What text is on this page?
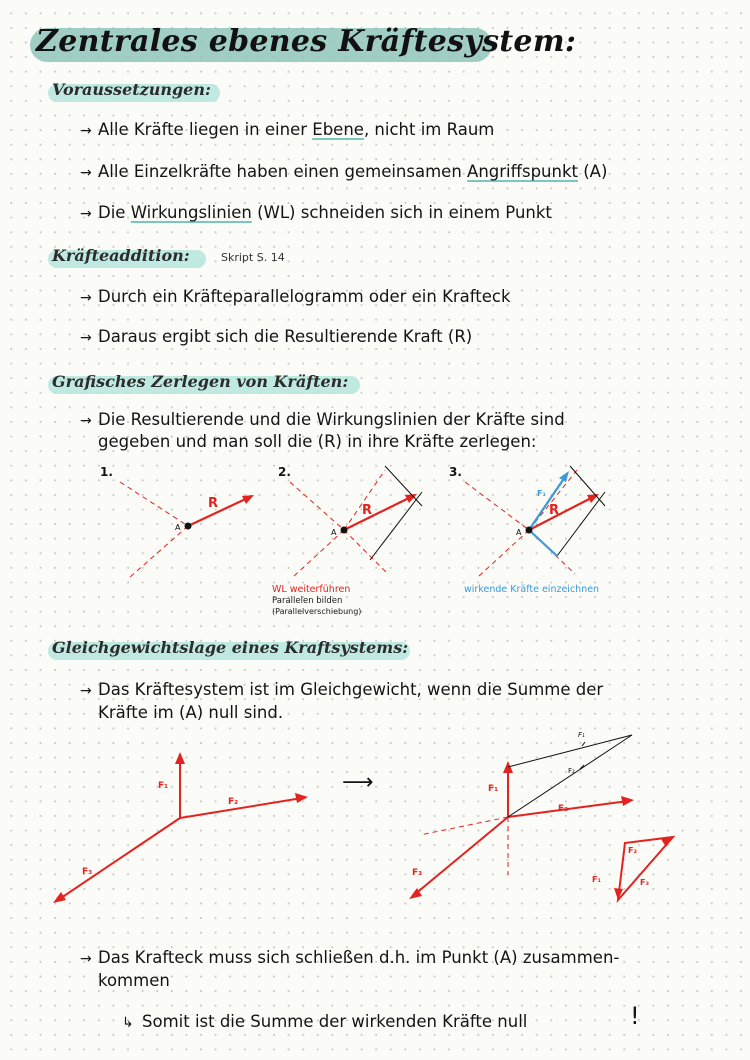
Zentrales ebenes Kräftesystem:
Voraussetzungen:
→ Alle Kräfte liegen in einer Ebene, nicht im Raum
→ Alle Einzelkräfte haben einen gemeinsamen Angriffspunkt (A)
→ Die Wirkungslinien (WL) schneiden sich in einem Punkt
Kräfteaddition:	Skript S. 14
→ Durch ein Kräfteparallelogramm oder ein Krafteck
→ Daraus ergibt sich die Resultierende Kraft (R)
Grafisches Zerlegen von Kräften:
→ Die Resultierende und die Wirkungslinien der Kräfte sind
gegeben und man soll die (R) in ihre Kräfte zerlegen:
1.
A
R
2.
A
R
3.
A
R
F₁
WL weiterführen
Parallelen bilden
(Parallelverschiebung)
wirkende Kräfte einzeichnen
Gleichgewichtslage eines Kraftsystems:
→ Das Kräftesystem ist im Gleichgewicht, wenn die Summe der
Kräfte im (A) null sind.
F₁
F₂
F₃
⟶
F₁
F₂
F₁
F₂
F₃
F₂
F₁	F₃
→ Das Krafteck muss sich schließen d.h. im Punkt (A) zusammen-
kommen
↳ Somit ist die Summe der wirkenden Kräfte null	!
